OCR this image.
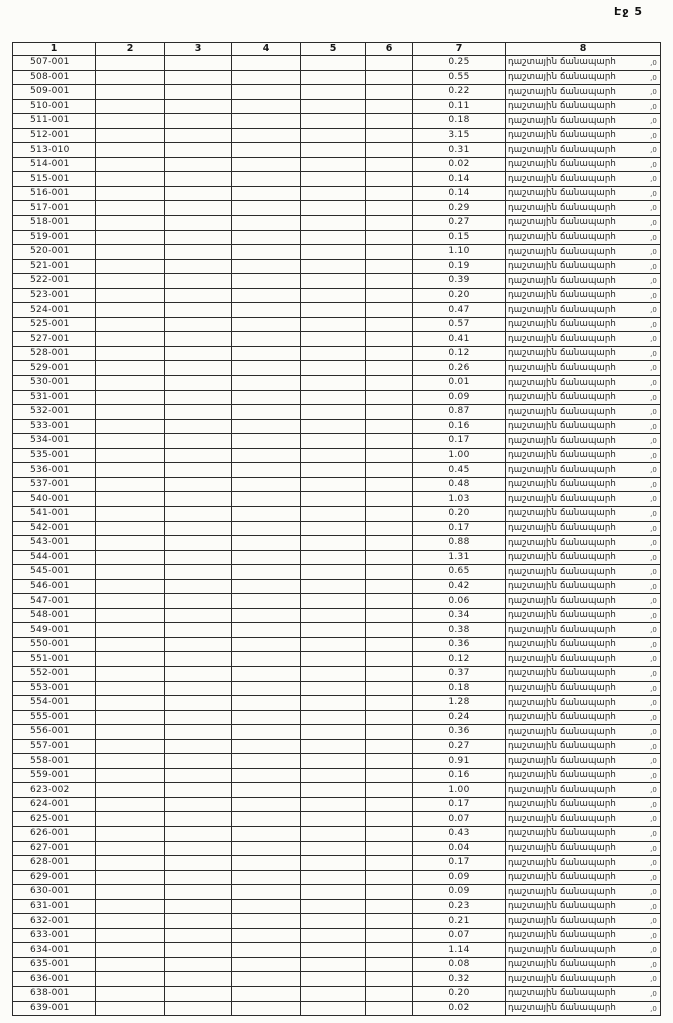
Էջ 5
1	2	3	4	5	6	7	8
507-001						0.25	դաշտային ճանապարհ ,0

508-001						0.55	դաշտային ճանապարհ ,0

509-001						0.22	դաշտային ճանապարհ ,0

510-001						0.11	դաշտային ճանապարհ ,0

511-001						0.18	դաշտային ճանապարհ ,0

512-001						3.15	դաշտային ճանապարհ ,0

513-010						0.31	դաշտային ճանապարհ ,0

514-001						0.02	դաշտային ճանապարհ ,0

515-001						0.14	դաշտային ճանապարհ ,0

516-001						0.14	դաշտային ճանապարհ ,0

517-001						0.29	դաշտային ճանապարհ ,0

518-001						0.27	դաշտային ճանապարհ ,0

519-001						0.15	դաշտային ճանապարհ ,0

520-001						1.10	դաշտային ճանապարհ ,0

521-001						0.19	դաշտային ճանապարհ ,0

522-001						0.39	դաշտային ճանապարհ ,0

523-001						0.20	դաշտային ճանապարհ ,0

524-001						0.47	դաշտային ճանապարհ ,0

525-001						0.57	դաշտային ճանապարհ ,0

527-001						0.41	դաշտային ճանապարհ ,0

528-001						0.12	դաշտային ճանապարհ ,0

529-001						0.26	դաշտային ճանապարհ ,0

530-001						0.01	դաշտային ճանապարհ ,0

531-001						0.09	դաշտային ճանապարհ ,0

532-001						0.87	դաշտային ճանապարհ ,0

533-001						0.16	դաշտային ճանապարհ ,0

534-001						0.17	դաշտային ճանապարհ ,0

535-001						1.00	դաշտային ճանապարհ ,0

536-001						0.45	դաշտային ճանապարհ ,0

537-001						0.48	դաշտային ճանապարհ ,0

540-001						1.03	դաշտային ճանապարհ ,0

541-001						0.20	դաշտային ճանապարհ ,0

542-001						0.17	դաշտային ճանապարհ ,0

543-001						0.88	դաշտային ճանապարհ ,0

544-001						1.31	դաշտային ճանապարհ ,0

545-001						0.65	դաշտային ճանապարհ ,0

546-001						0.42	դաշտային ճանապարհ ,0

547-001						0.06	դաշտային ճանապարհ ,0

548-001						0.34	դաշտային ճանապարհ ,0

549-001						0.38	դաշտային ճանապարհ ,0

550-001						0.36	դաշտային ճանապարհ ,0

551-001						0.12	դաշտային ճանապարհ ,0

552-001						0.37	դաշտային ճանապարհ ,0

553-001						0.18	դաշտային ճանապարհ ,0

554-001						1.28	դաշտային ճանապարհ ,0

555-001						0.24	դաշտային ճանապարհ ,0

556-001						0.36	դաշտային ճանապարհ ,0

557-001						0.27	դաշտային ճանապարհ ,0

558-001						0.91	դաշտային ճանապարհ ,0

559-001						0.16	դաշտային ճանապարհ ,0

623-002						1.00	դաշտային ճանապարհ ,0

624-001						0.17	դաշտային ճանապարհ ,0

625-001						0.07	դաշտային ճանապարհ ,0

626-001						0.43	դաշտային ճանապարհ ,0

627-001						0.04	դաշտային ճանապարհ ,0

628-001						0.17	դաշտային ճանապարհ ,0

629-001						0.09	դաշտային ճանապարհ ,0

630-001						0.09	դաշտային ճանապարհ ,0

631-001						0.23	դաշտային ճանապարհ ,0

632-001						0.21	դաշտային ճանապարհ ,0

633-001						0.07	դաշտային ճանապարհ ,0

634-001						1.14	դաշտային ճանապարհ ,0

635-001						0.08	դաշտային ճանապարհ ,0

636-001						0.32	դաշտային ճանապարհ ,0

638-001						0.20	դաշտային ճանապարհ ,0

639-001						0.02	դաշտային ճանապարհ ,0
